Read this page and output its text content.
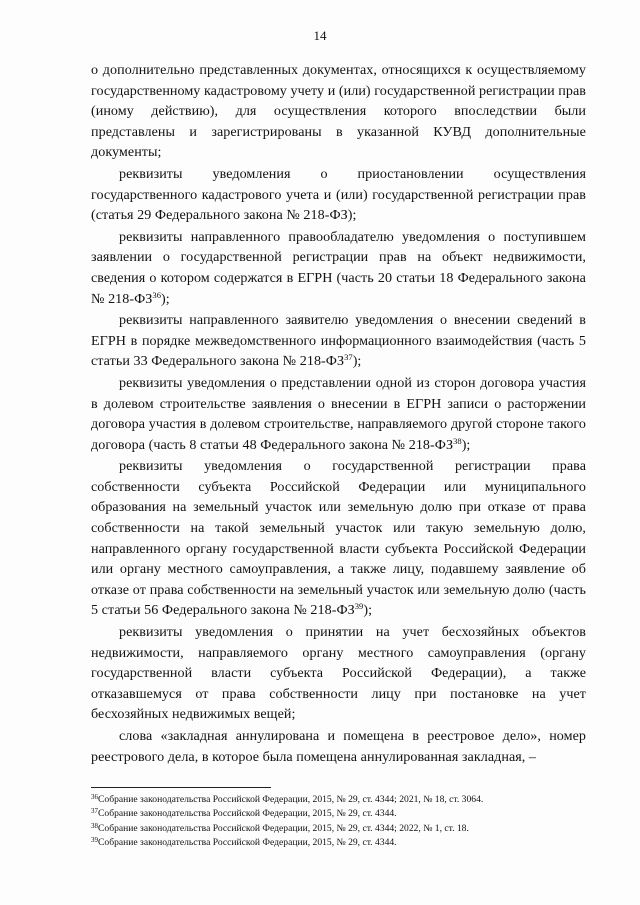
14

о дополнительно представленных документах, относящихся к осуществляемому государственному кадастровому учету и (или) государственной регистрации прав (иному действию), для осуществления которого впоследствии были представлены и зарегистрированы в указанной КУВД дополнительные документы;

реквизиты уведомления о приостановлении осуществления государственного кадастрового учета и (или) государственной регистрации прав (статья 29 Федерального закона № 218-ФЗ);

реквизиты направленного правообладателю уведомления о поступившем заявлении о государственной регистрации прав на объект недвижимости, сведения о котором содержатся в ЕГРН (часть 20 статьи 18 Федерального закона № 218-ФЗ$^{36}$);

реквизиты направленного заявителю уведомления о внесении сведений в ЕГРН в порядке межведомственного информационного взаимодействия (часть 5 статьи 33 Федерального закона № 218-ФЗ$^{37}$);

реквизиты уведомления о представлении одной из сторон договора участия в долевом строительстве заявления о внесении в ЕГРН записи о расторжении договора участия в долевом строительстве, направляемого другой стороне такого договора (часть 8 статьи 48 Федерального закона № 218-ФЗ$^{38}$);

реквизиты уведомления о государственной регистрации права собственности субъекта Российской Федерации или муниципального образования на земельный участок или земельную долю при отказе от права собственности на такой земельный участок или такую земельную долю, направленного органу государственной власти субъекта Российской Федерации или органу местного самоуправления, а также лицу, подавшему заявление об отказе от права собственности на земельный участок или земельную долю (часть 5 статьи 56 Федерального закона № 218-ФЗ$^{39}$);

реквизиты уведомления о принятии на учет бесхозяйных объектов недвижимости, направляемого органу местного самоуправления (органу государственной власти субъекта Российской Федерации), а также отказавшемуся от права собственности лицу при постановке на учет бесхозяйных недвижимых вещей;

слова «закладная аннулирована и помещена в реестровое дело», номер реестрового дела, в которое была помещена аннулированная закладная, –

$^{36}$Собрание законодательства Российской Федерации, 2015, № 29, ст. 4344; 2021, № 18, ст. 3064.

$^{37}$Собрание законодательства Российской Федерации, 2015, № 29, ст. 4344.

$^{38}$Собрание законодательства Российской Федерации, 2015, № 29, ст. 4344; 2022, № 1, ст. 18.

$^{39}$Собрание законодательства Российской Федерации, 2015, № 29, ст. 4344.
